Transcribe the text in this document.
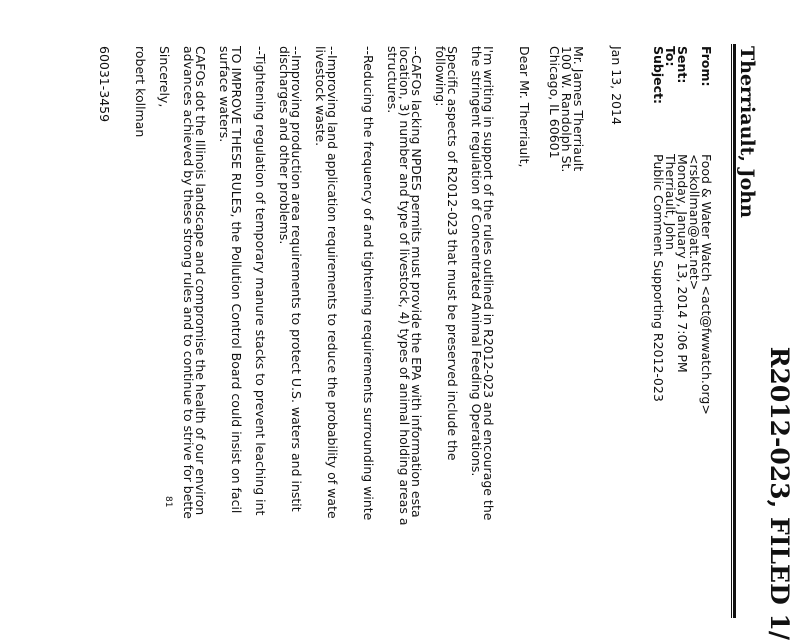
R2012-023, FILED 1/
Therriault, John
From:
Food & Water Watch <act@fwwatch.org>
<rskollman@att.net>
Sent:
Monday, January 13, 2014 7:06 PM
To:
Therriault, John
Subject:
Public Comment Supporting R2012-023
Jan 13, 2014

Mr. James Therriault

100 W. Randolph St.

Chicago, IL 60601

Dear Mr. Therriault,

I'm writing in support of the rules outlined in R2012-023 and encourage the

the stringent regulation of Concentrated Animal Feeding Operations.

Specific aspects of R2012-023 that must be preserved include the

following:

--CAFOs lacking NPDES permits must provide the EPA with information esta

location, 3) number and type of livestock, 4) types of animal holding areas a

structures.

--Reducing the frequency of and tightening requirements surrounding winte

--Improving land application requirements to reduce the probability of wate

livestock waste.

--Improving production area requirements to protect U.S. waters and instit

discharges and other problems.

--Tightening regulation of temporary manure stacks to prevent leaching int

TO IMPROVE THESE RULES, the Pollution Control Board could insist on facil

surface waters.

CAFOs dot the Illinois landscape and compromise the health of our environ

advances achieved by these strong rules and to continue to strive for bette

Sincerely,
robert kollman
60031-3459
81
